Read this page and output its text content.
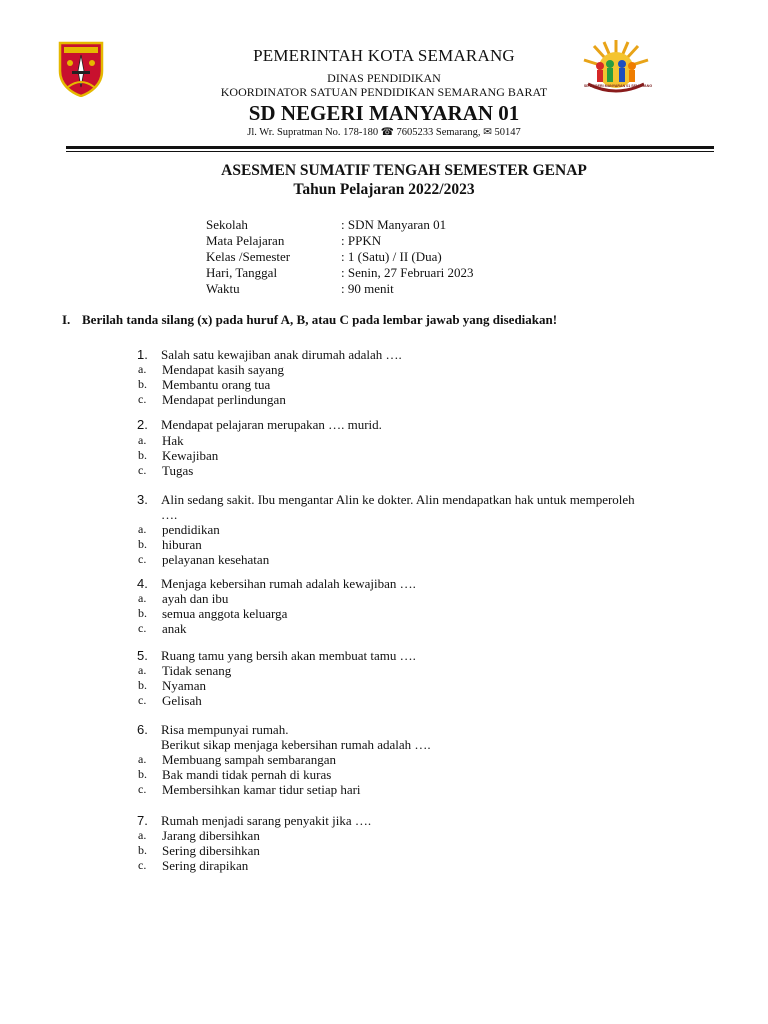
SD NEGERI MANYARAN 01 SEMARANG
PEMERINTAH KOTA SEMARANG
DINAS PENDIDIKAN
KOORDINATOR SATUAN PENDIDIKAN SEMARANG BARAT
SD NEGERI MANYARAN 01
Jl. Wr. Supratman No. 178-180 ☎ 7605233 Semarang, ✉ 50147
ASESMEN SUMATIF TENGAH SEMESTER GENAP
Tahun Pelajaran 2022/2023
Sekolah	: SDN Manyaran 01
Mata Pelajaran	: PPKN
Kelas /Semester	: 1 (Satu) / II (Dua)
Hari, Tanggal	: Senin, 27 Februari 2023
Waktu	: 90 menit
I. Berilah tanda silang (x) pada huruf A, B, atau C pada lembar jawab yang disediakan!
1.	Salah satu kewajiban anak dirumah adalah ….
a.	Mendapat kasih sayang
b.	Membantu orang tua
c.	Mendapat perlindungan
2.	Mendapat pelajaran merupakan …. murid.
a.	Hak
b.	Kewajiban
c.	Tugas
3.	Alin sedang sakit. Ibu mengantar Alin ke dokter. Alin mendapatkan hak untuk memperoleh
….
a.	pendidikan
b.	hiburan
c.	pelayanan kesehatan
4.	Menjaga kebersihan rumah adalah kewajiban ….
a.	ayah dan ibu
b.	semua anggota keluarga
c.	anak
5.	Ruang tamu yang bersih akan membuat tamu ….
a.	Tidak senang
b.	Nyaman
c.	Gelisah
6.	Risa mempunyai rumah.
Berikut sikap menjaga kebersihan rumah adalah ….
a.	Membuang sampah sembarangan
b.	Bak mandi tidak pernah di kuras
c.	Membersihkan kamar tidur setiap hari
7.	Rumah menjadi sarang penyakit jika ….
a.	Jarang dibersihkan
b.	Sering dibersihkan
c.	Sering dirapikan
